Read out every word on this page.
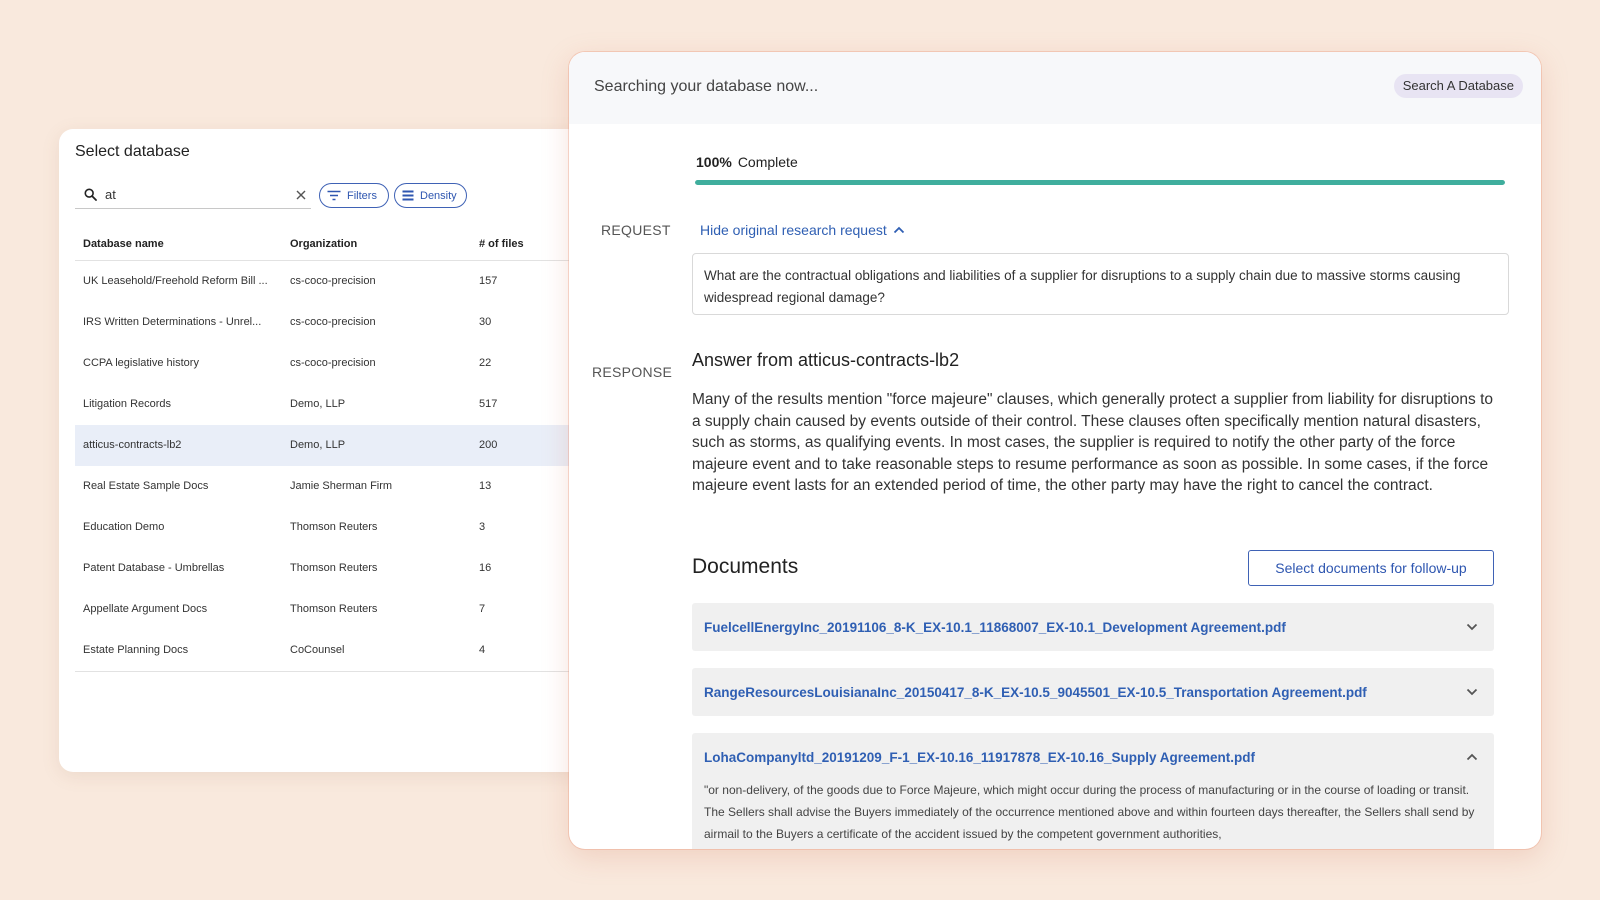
Select database
at	Filters	Density
Database name	Organization	# of files
UK Leasehold/Freehold Reform Bill ...	cs-coco-precision	157
IRS Written Determinations - Unrel...	cs-coco-precision	30
CCPA legislative history	cs-coco-precision	22
Litigation Records	Demo, LLP	517
atticus-contracts-lb2	Demo, LLP	200
Real Estate Sample Docs	Jamie Sherman Firm	13
Education Demo	Thomson Reuters	3
Patent Database - Umbrellas	Thomson Reuters	16
Appellate Argument Docs	Thomson Reuters	7
Estate Planning Docs	CoCounsel	4
Searching your database now...	Search A Database
100% Complete
REQUEST Hide original research request
What are the contractual obligations and liabilities of a supplier for disruptions to a supply chain due to massive storms causing widespread regional damage?
RESPONSE
Answer from atticus-contracts-lb2
Many of the results mention "force majeure" clauses, which generally protect a supplier from liability for disruptions to a supply chain caused by events outside of their control. These clauses often specifically mention natural disasters, such as storms, as qualifying events. In most cases, the supplier is required to notify the other party of the force majeure event and to take reasonable steps to resume performance as soon as possible. In some cases, if the force majeure event lasts for an extended period of time, the other party may have the right to cancel the contract.
Documents	Select documents for follow-up
FuelcellEnergyInc_20191106_8-K_EX-10.1_11868007_EX-10.1_Development Agreement.pdf
RangeResourcesLouisianaInc_20150417_8-K_EX-10.5_9045501_EX-10.5_Transportation Agreement.pdf
LohaCompanyltd_20191209_F-1_EX-10.16_11917878_EX-10.16_Supply Agreement.pdf
"or non-delivery, of the goods due to Force Majeure, which might occur during the process of manufacturing or in the course of loading or transit. The Sellers shall advise the Buyers immediately of the occurrence mentioned above and within fourteen days thereafter, the Sellers shall send by airmail to the Buyers a certificate of the accident issued by the competent government authorities,
